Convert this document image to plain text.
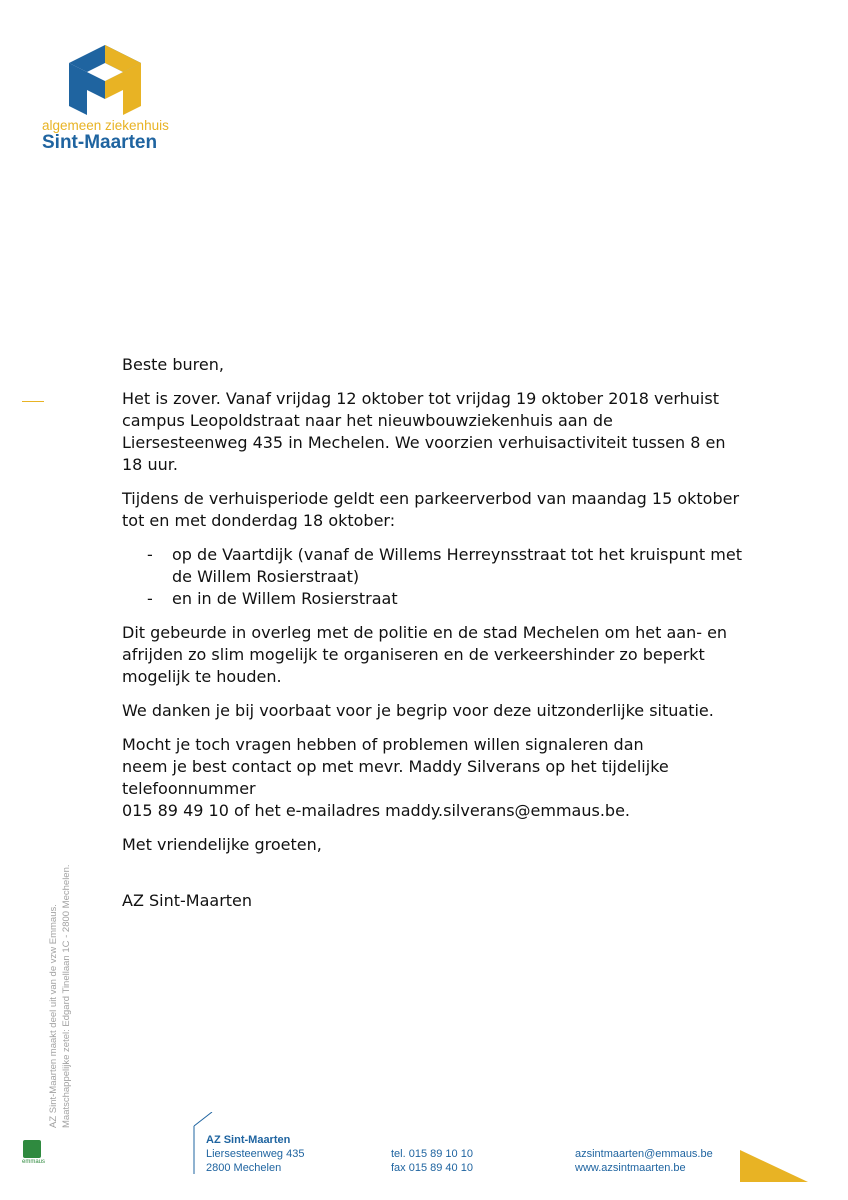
algemeen ziekenhuis
Sint-Maarten

Beste buren,

Het is zover. Vanaf vrijdag 12 oktober tot vrijdag 19 oktober 2018 verhuist campus Leopoldstraat naar het nieuwbouwziekenhuis aan de Liersesteenweg 435 in Mechelen. We voorzien verhuisactiviteit tussen 8 en 18 uur.

Tijdens de verhuisperiode geldt een parkeerverbod van maandag 15 oktober tot en met donderdag 18 oktober:

- op de Vaartdijk (vanaf de Willems Herreynsstraat tot het kruispunt met de Willem Rosierstraat)
- en in de Willem Rosierstraat

Dit gebeurde in overleg met de politie en de stad Mechelen om het aan- en afrijden zo slim mogelijk te organiseren en de verkeershinder zo beperkt mogelijk te houden.

We danken je bij voorbaat voor je begrip voor deze uitzonderlijke situatie.

Mocht je toch vragen hebben of problemen willen signaleren dan
neem je best contact op met mevr. Maddy Silverans op het tijdelijke
telefoonnummer
015 89 49 10 of het e-mailadres maddy.silverans@emmaus.be.

Met vriendelijke groeten,

AZ Sint-Maarten

AZ Sint-Maarten maakt deel uit van de vzw Emmaus. Maatschappelijke zetel: Edgard Tinellaan 1C - 2800 Mechelen.
emmaus
AZ Sint-Maarten
Liersesteenweg 435
2800 Mechelen
tel. 015 89 10 10
fax 015 89 40 10
azsintmaarten@emmaus.be
www.azsintmaarten.be
